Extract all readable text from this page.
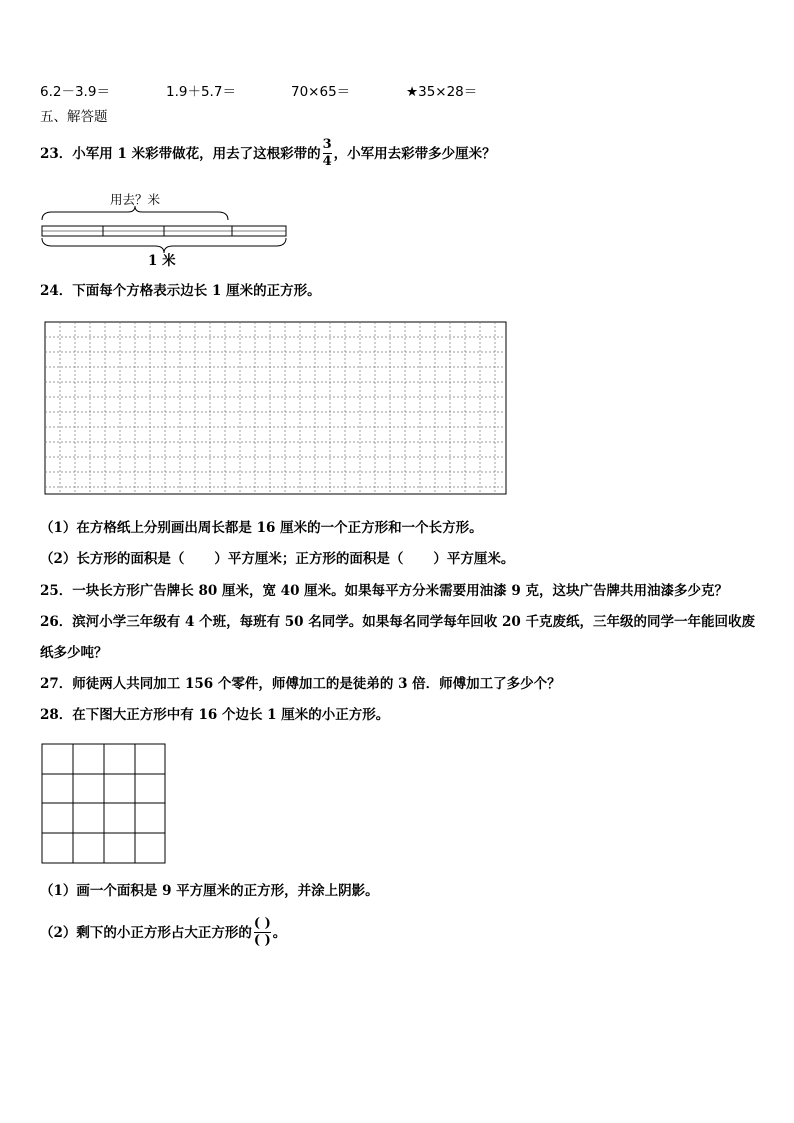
6.2－3.9＝	1.9＋5.7＝	70×65＝	★35×28＝
五、解答题
23．小军用 1 米彩带做花，用去了这根彩带的 $\frac{3}{4}$ ，小军用去彩带多少厘米？
用去？米
1 米
24．下面每个方格表示边长 1 厘米的正方形。
（1）在方格纸上分别画出周长都是 16 厘米的一个正方形和一个长方形。
（2）长方形的面积是（ ）平方厘米；正方形的面积是（ ）平方厘米。
25．一块长方形广告牌长 80 厘米，宽 40 厘米。如果每平方分米需要用油漆 9 克，这块广告牌共用油漆多少克？
26．滨河小学三年级有 4 个班，每班有 50 名同学。如果每名同学每年回收 20 千克废纸，三年级的同学一年能回收废
纸多少吨？
27．师徒两人共同加工 156 个零件，师傅加工的是徒弟的 3 倍．师傅加工了多少个？
28．在下图大正方形中有 16 个边长 1 厘米的小正方形。
（1）画一个面积是 9 平方厘米的正方形，并涂上阴影。
（2）剩下的小正方形占大正方形的 $\frac{( )}{( )}$ 。
